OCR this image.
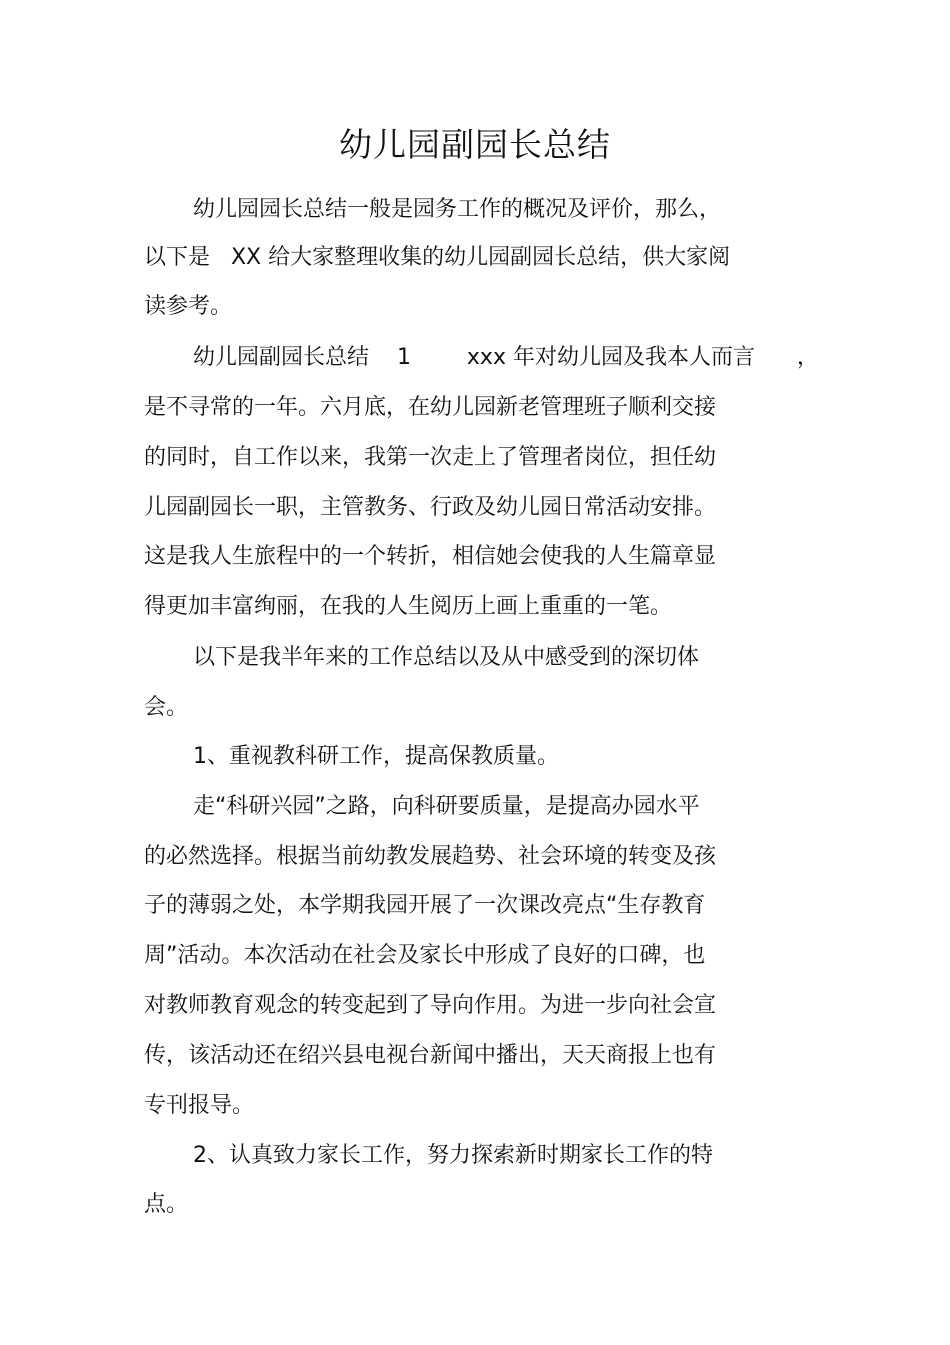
幼儿园副园长总结

幼儿园园长总结一般是园务工作的概况及评价，那么，

以下是   XX 给大家整理收集的幼儿园副园长总结，供大家阅

读参考。

幼儿园副园长总结    1        xxx 年对幼儿园及我本人而言      ，

是不寻常的一年。六月底，在幼儿园新老管理班子顺利交接

的同时，自工作以来，我第一次走上了管理者岗位，担任幼

儿园副园长一职，主管教务、行政及幼儿园日常活动安排。

这是我人生旅程中的一个转折，相信她会使我的人生篇章显

得更加丰富绚丽，在我的人生阅历上画上重重的一笔。

以下是我半年来的工作总结以及从中感受到的深切体

会。

1、重视教科研工作，提高保教质量。

走“科研兴园”之路，向科研要质量，是提高办园水平

的必然选择。根据当前幼教发展趋势、社会环境的转变及孩

子的薄弱之处，本学期我园开展了一次课改亮点“生存教育

周”活动。本次活动在社会及家长中形成了良好的口碑，也

对教师教育观念的转变起到了导向作用。为进一步向社会宣

传，该活动还在绍兴县电视台新闻中播出，天天商报上也有

专刊报导。

2、认真致力家长工作，努力探索新时期家长工作的特

点。
